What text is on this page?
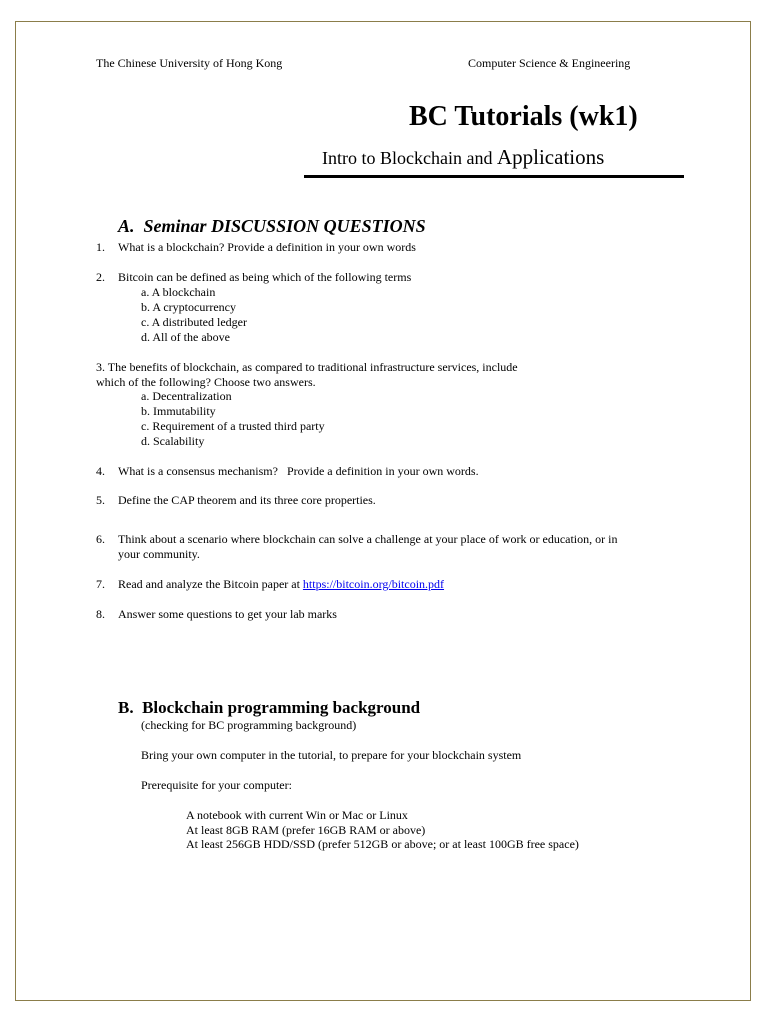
The Chinese University of Hong Kong	Computer Science & Engineering
BC Tutorials (wk1)
Intro to Blockchain and Applications
A. Seminar DISCUSSION QUESTIONS
1. What is a blockchain? Provide a definition in your own words
2. Bitcoin can be defined as being which of the following terms
a. A blockchain
b. A cryptocurrency
c. A distributed ledger
d. All of the above
3. The benefits of blockchain, as compared to traditional infrastructure services, include
which of the following? Choose two answers.
a. Decentralization
b. Immutability
c. Requirement of a trusted third party
d. Scalability
4. What is a consensus mechanism?   Provide a definition in your own words.
5. Define the CAP theorem and its three core properties.
6. Think about a scenario where blockchain can solve a challenge at your place of work or education, or in
your community.
7. Read and analyze the Bitcoin paper at https://bitcoin.org/bitcoin.pdf
8. Answer some questions to get your lab marks
B. Blockchain programming background
(checking for BC programming background)
Bring your own computer in the tutorial, to prepare for your blockchain system
Prerequisite for your computer:
A notebook with current Win or Mac or Linux
At least 8GB RAM (prefer 16GB RAM or above)
At least 256GB HDD/SSD (prefer 512GB or above; or at least 100GB free space)
